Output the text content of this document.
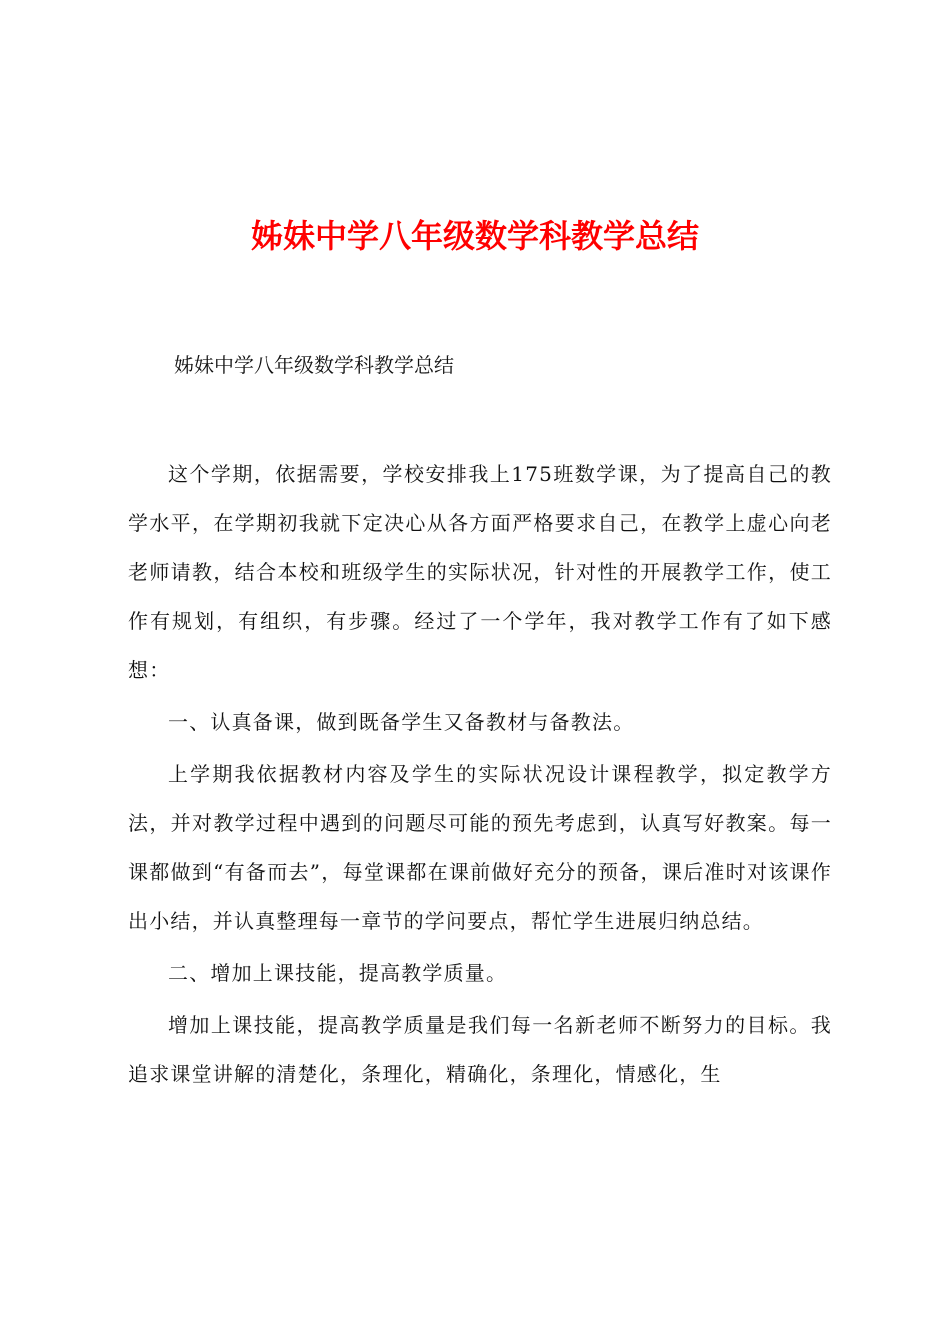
姊妹中学八年级数学科教学总结

姊妹中学八年级数学科教学总结

这个学期，依据需要，学校安排我上175班数学课，为了提高自己的教学水平，在学期初我就下定决心从各方面严格要求自己，在教学上虚心向老老师请教，结合本校和班级学生的实际状况，针对性的开展教学工作，使工作有规划，有组织，有步骤。经过了一个学年，我对教学工作有了如下感想：

一、认真备课，做到既备学生又备教材与备教法。

上学期我依据教材内容及学生的实际状况设计课程教学，拟定教学方法，并对教学过程中遇到的问题尽可能的预先考虑到，认真写好教案。每一课都做到“有备而去”，每堂课都在课前做好充分的预备，课后准时对该课作出小结，并认真整理每一章节的学问要点，帮忙学生进展归纳总结。

二、增加上课技能，提高教学质量。

增加上课技能，提高教学质量是我们每一名新老师不断努力的目标。我追求课堂讲解的清楚化，条理化，精确化，条理化，情感化，生
